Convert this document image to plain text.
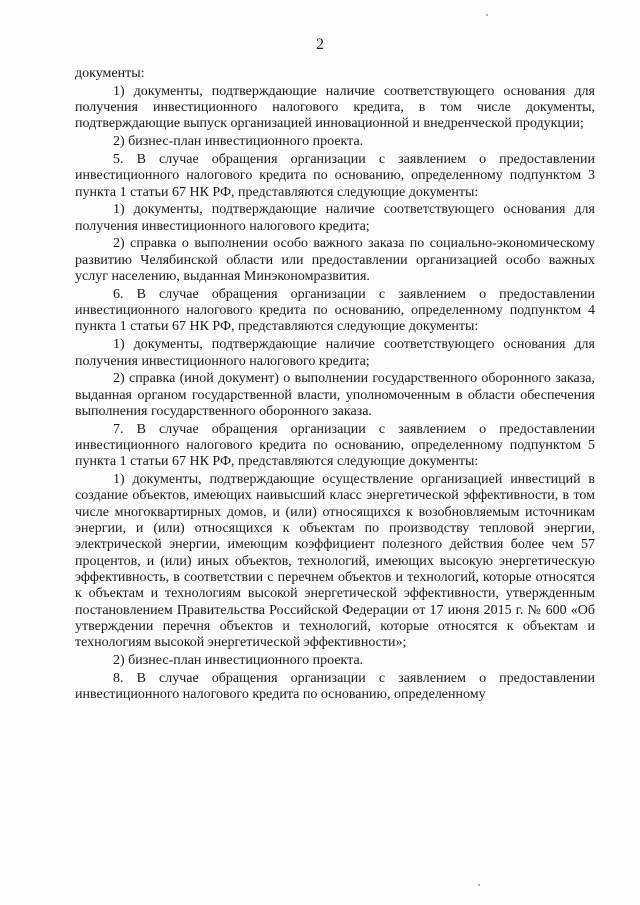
2

документы:

1) документы, подтверждающие наличие соответствующего основания для получения инвестиционного налогового кредита, в том числе документы, подтверждающие выпуск организацией инновационной и внедренческой продукции;

2) бизнес-план инвестиционного проекта.

5. В случае обращения организации с заявлением о предоставлении инвестиционного налогового кредита по основанию, определенному подпунктом 3 пункта 1 статьи 67 НК РФ, представляются следующие документы:

1) документы, подтверждающие наличие соответствующего основания для получения инвестиционного налогового кредита;

2) справка о выполнении особо важного заказа по социально-экономическому развитию Челябинской области или предоставлении организацией особо важных услуг населению, выданная Минэкономразвития.

6. В случае обращения организации с заявлением о предоставлении инвестиционного налогового кредита по основанию, определенному подпунктом 4 пункта 1 статьи 67 НК РФ, представляются следующие документы:

1) документы, подтверждающие наличие соответствующего основания для получения инвестиционного налогового кредита;

2) справка (иной документ) о выполнении государственного оборонного заказа, выданная органом государственной власти, уполномоченным в области обеспечения выполнения государственного оборонного заказа.

7. В случае обращения организации с заявлением о предоставлении инвестиционного налогового кредита по основанию, определенному подпунктом 5 пункта 1 статьи 67 НК РФ, представляются следующие документы:

1) документы, подтверждающие осуществление организацией инвестиций в создание объектов, имеющих наивысший класс энергетической эффективности, в том числе многоквартирных домов, и (или) относящихся к возобновляемым источникам энергии, и (или) относящихся к объектам по производству тепловой энергии, электрической энергии, имеющим коэффициент полезного действия более чем 57 процентов, и (или) иных объектов, технологий, имеющих высокую энергетическую эффективность, в соответствии с перечнем объектов и технологий, которые относятся к объектам и технологиям высокой энергетической эффективности, утвержденным постановлением Правительства Российской Федерации от 17 июня 2015 г. № 600 «Об утверждении перечня объектов и технологий, которые относятся к объектам и технологиям высокой энергетической эффективности»;

2) бизнес-план инвестиционного проекта.

8. В случае обращения организации с заявлением о предоставлении инвестиционного налогового кредита по основанию, определенному
